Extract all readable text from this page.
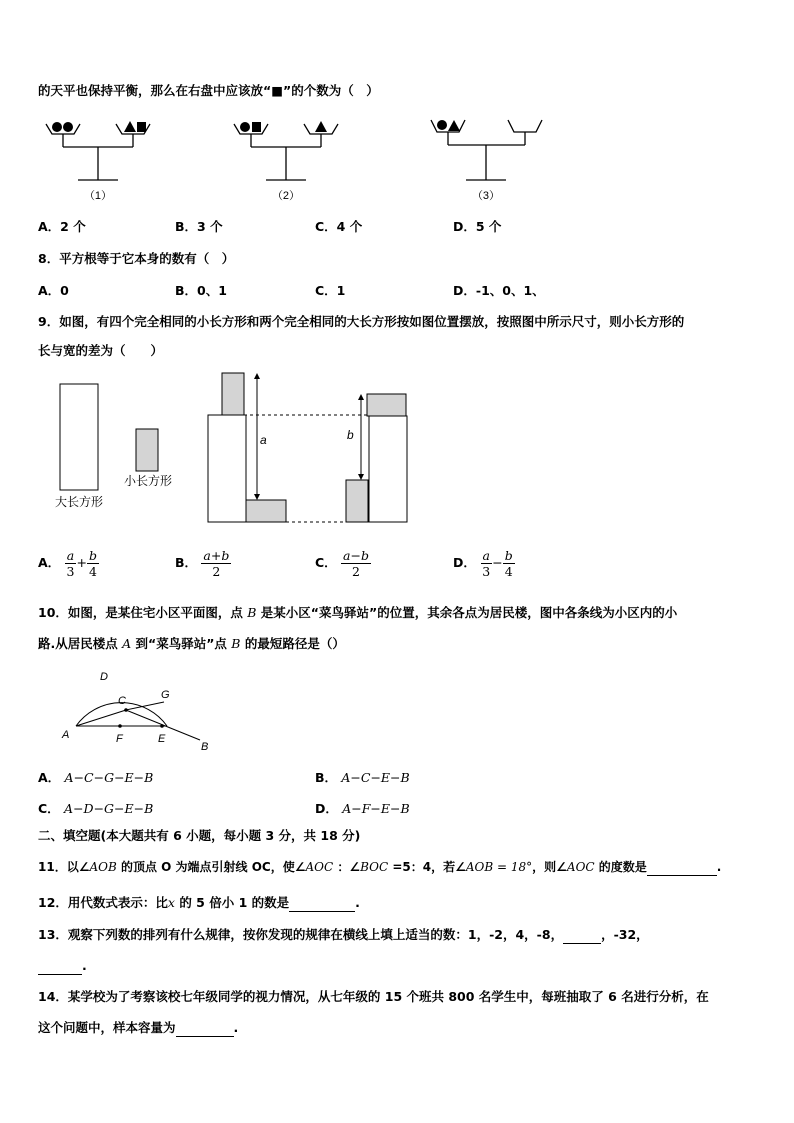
的天平也保持平衡，那么在右盘中应该放“■”的个数为（　）
（1）	（2）	（3）
A．2 个	B．3 个	C．4 个	D．5 个
8．平方根等于它本身的数有（　）
A．0	B．0、1	C．1	D．-1、0、1、
9．如图，有四个完全相同的小长方形和两个完全相同的大长方形按如图位置摆放，按照图中所示尺寸，则小长方形的
长与宽的差为（　　）
大长方形
小长方形
a	b
A． $\frac{a}{3} + \frac{b}{4}$	B． $\frac{a+b}{2}$	C． $\frac{a-b}{2}$	D． $\frac{a}{3} - \frac{b}{4}$
10．如图，是某住宅小区平面图，点 B 是某小区“菜鸟驿站”的位置，其余各点为居民楼，图中各条线为小区内的小
路.从居民楼点 A 到“菜鸟驿站”点 B 的最短路径是（）
D
C	G
A	F	E
B
A． A−C−G−E−B	B． A−C−E−B
C． A−D−G−E−B	D． A−F−E−B
二、填空题(本大题共有 6 小题，每小题 3 分，共 18 分)
11．以∠AOB 的顶点 O 为端点引射线 OC，使∠AOC ：∠BOC =5：4，若∠AOB = 18°，则∠AOC 的度数是	.
12．用代数式表示：比x 的 5 倍小 1 的数是	.
13．观察下列数的排列有什么规律，按你发现的规律在横线上填上适当的数：1，-2，4，-8，	，-32，
.
14．某学校为了考察该校七年级同学的视力情况，从七年级的 15 个班共 800 名学生中，每班抽取了 6 名进行分析，在
这个问题中，样本容量为	.
